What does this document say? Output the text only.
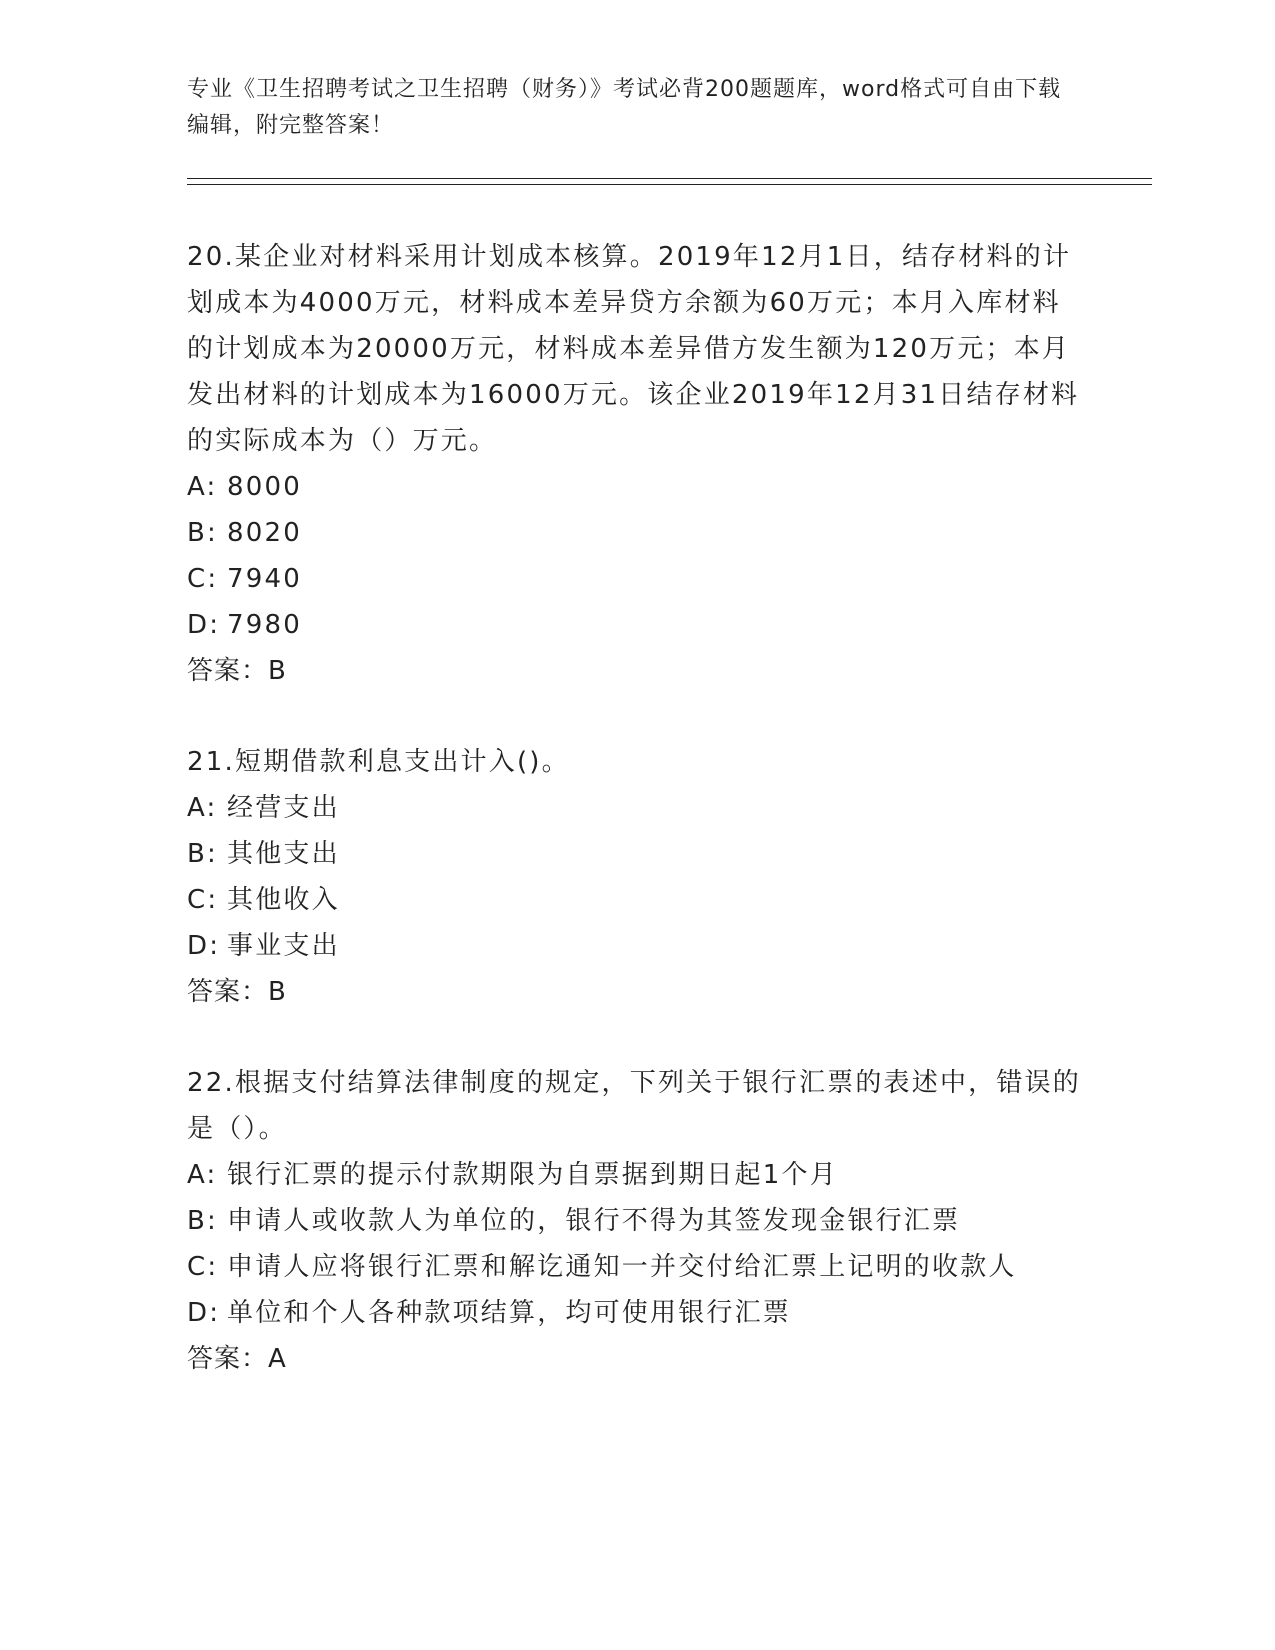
专业《卫生招聘考试之卫生招聘（财务）》考试必背200题题库，word格式可自由下载编辑，附完整答案！

20.某企业对材料采用计划成本核算。2019年12月1日，结存材料的计划成本为4000万元，材料成本差异贷方余额为60万元；本月入库材料的计划成本为20000万元，材料成本差异借方发生额为120万元；本月发出材料的计划成本为16000万元。该企业2019年12月31日结存材料的实际成本为（）万元。

A: 8000
B: 8020
C: 7940
D: 7980
答案：B

21.短期借款利息支出计入()。

A: 经营支出
B: 其他支出
C: 其他收入
D: 事业支出
答案：B

22.根据支付结算法律制度的规定，下列关于银行汇票的表述中，错误的是（）。

A: 银行汇票的提示付款期限为自票据到期日起1个月
B: 申请人或收款人为单位的，银行不得为其签发现金银行汇票
C: 申请人应将银行汇票和解讫通知一并交付给汇票上记明的收款人
D: 单位和个人各种款项结算，均可使用银行汇票
答案：A
